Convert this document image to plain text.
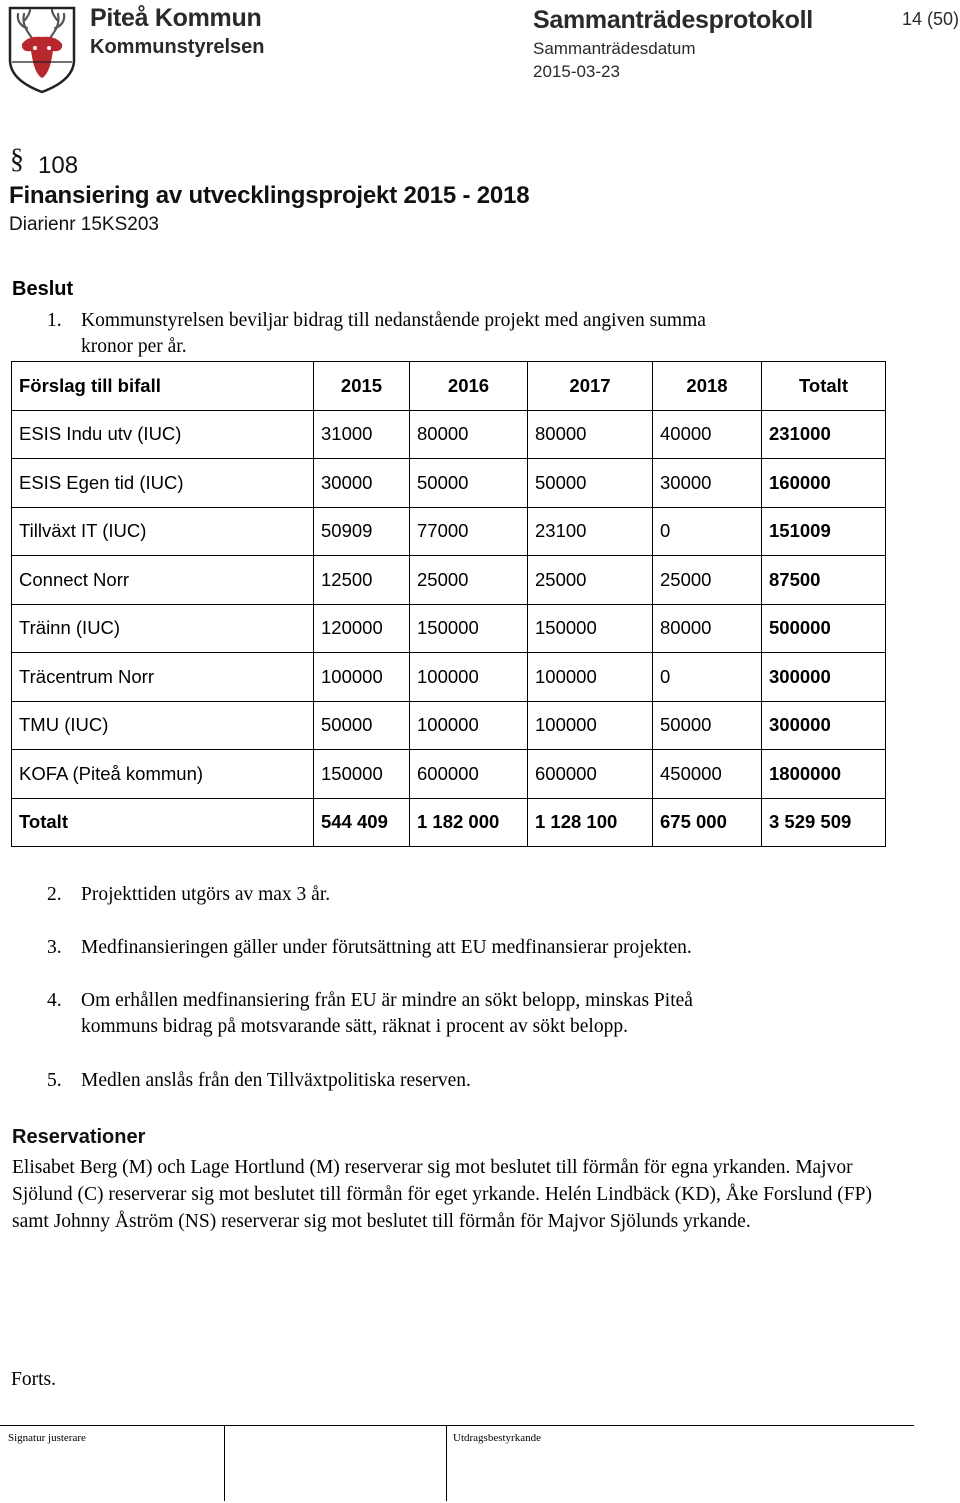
Piteå Kommun
Kommunstyrelsen
Sammanträdesprotokoll
Sammanträdesdatum
2015-03-23
14 (50)
§ 108
Finansiering av utvecklingsprojekt 2015 - 2018
Diarienr 15KS203
Beslut
1. Kommunstyrelsen beviljar bidrag till nedanstående projekt med angiven summa
kronor per år.
Förslag till bifall	2015	2016	2017	2018	Totalt
ESIS Indu utv (IUC)	31000	80000	80000	40000	231000
ESIS Egen tid (IUC)	30000	50000	50000	30000	160000
Tillväxt IT (IUC)	50909	77000	23100	0	151009
Connect Norr	12500	25000	25000	25000	87500
Träinn (IUC)	120000	150000	150000	80000	500000
Träcentrum Norr	100000	100000	100000	0	300000
TMU (IUC)	50000	100000	100000	50000	300000
KOFA (Piteå kommun)	150000	600000	600000	450000	1800000
Totalt	544 409	1 182 000	1 128 100	675 000	3 529 509
2. Projekttiden utgörs av max 3 år.
3. Medfinansieringen gäller under förutsättning att EU medfinansierar projekten.
4. Om erhållen medfinansiering från EU är mindre an sökt belopp, minskas Piteå
kommuns bidrag på motsvarande sätt, räknat i procent av sökt belopp.
5. Medlen anslås från den Tillväxtpolitiska reserven.
Reservationer
Elisabet Berg (M) och Lage Hortlund (M) reserverar sig mot beslutet till förmån för egna yrkanden. Majvor Sjölund (C) reserverar sig mot beslutet till förmån för eget yrkande. Helén Lindbäck (KD), Åke Forslund (FP) samt Johnny Åström (NS) reserverar sig mot beslutet till förmån för Majvor Sjölunds yrkande.
Forts.
Signatur justerare	Utdragsbestyrkande
